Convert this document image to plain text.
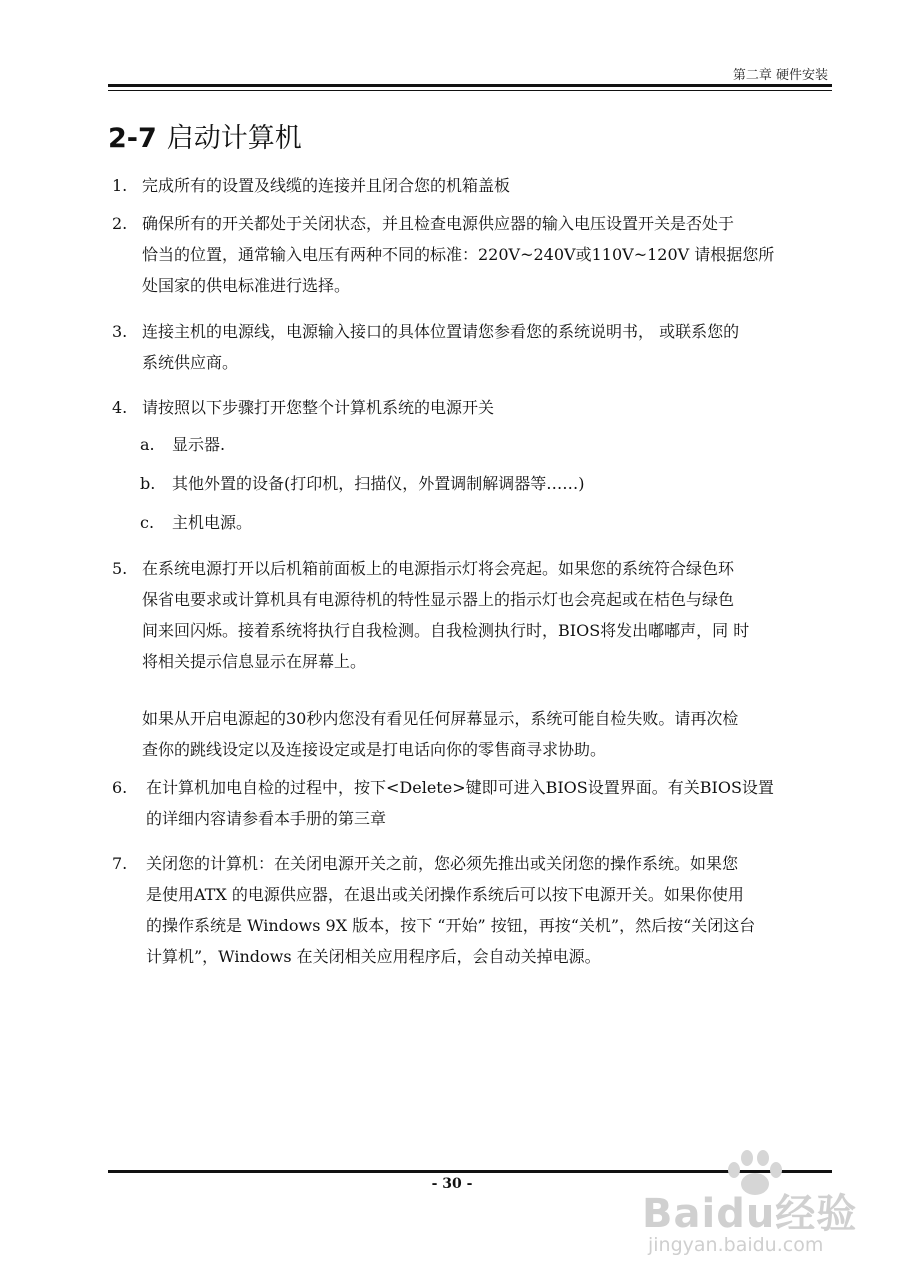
第二章 硬件安装
2-7 启动计算机
1. 完成所有的设置及线缆的连接并且闭合您的机箱盖板
2. 确保所有的开关都处于关闭状态，并且检查电源供应器的输入电压设置开关是否处于
恰当的位置，通常输入电压有两种不同的标准：220V~240V或110V~120V 请根据您所
处国家的供电标准进行选择。
3. 连接主机的电源线，电源输入接口的具体位置请您参看您的系统说明书， 或联系您的
系统供应商。
4. 请按照以下步骤打开您整个计算机系统的电源开关
a. 显示器.
b. 其他外置的设备(打印机，扫描仪，外置调制解调器等……)
c. 主机电源。
5. 在系统电源打开以后机箱前面板上的电源指示灯将会亮起。如果您的系统符合绿色环
保省电要求或计算机具有电源待机的特性显示器上的指示灯也会亮起或在桔色与绿色
间来回闪烁。接着系统将执行自我检测。自我检测执行时，BIOS将发出嘟嘟声，同 时
将相关提示信息显示在屏幕上。
如果从开启电源起的30秒内您没有看见任何屏幕显示，系统可能自检失败。请再次检
查你的跳线设定以及连接设定或是打电话向你的零售商寻求协助。
6.	在计算机加电自检的过程中，按下<Delete>键即可进入BIOS设置界面。有关BIOS设置
的详细内容请参看本手册的第三章
7.	关闭您的计算机：在关闭电源开关之前，您必须先推出或关闭您的操作系统。如果您
是使用ATX 的电源供应器，在退出或关闭操作系统后可以按下电源开关。如果你使用
的操作系统是 Windows 9X 版本，按下 “开始” 按钮，再按“关机”，然后按“关闭这台
计算机”，Windows 在关闭相关应用程序后，会自动关掉电源。
- 30 -
Baidu经验
jingyan.baidu.com
